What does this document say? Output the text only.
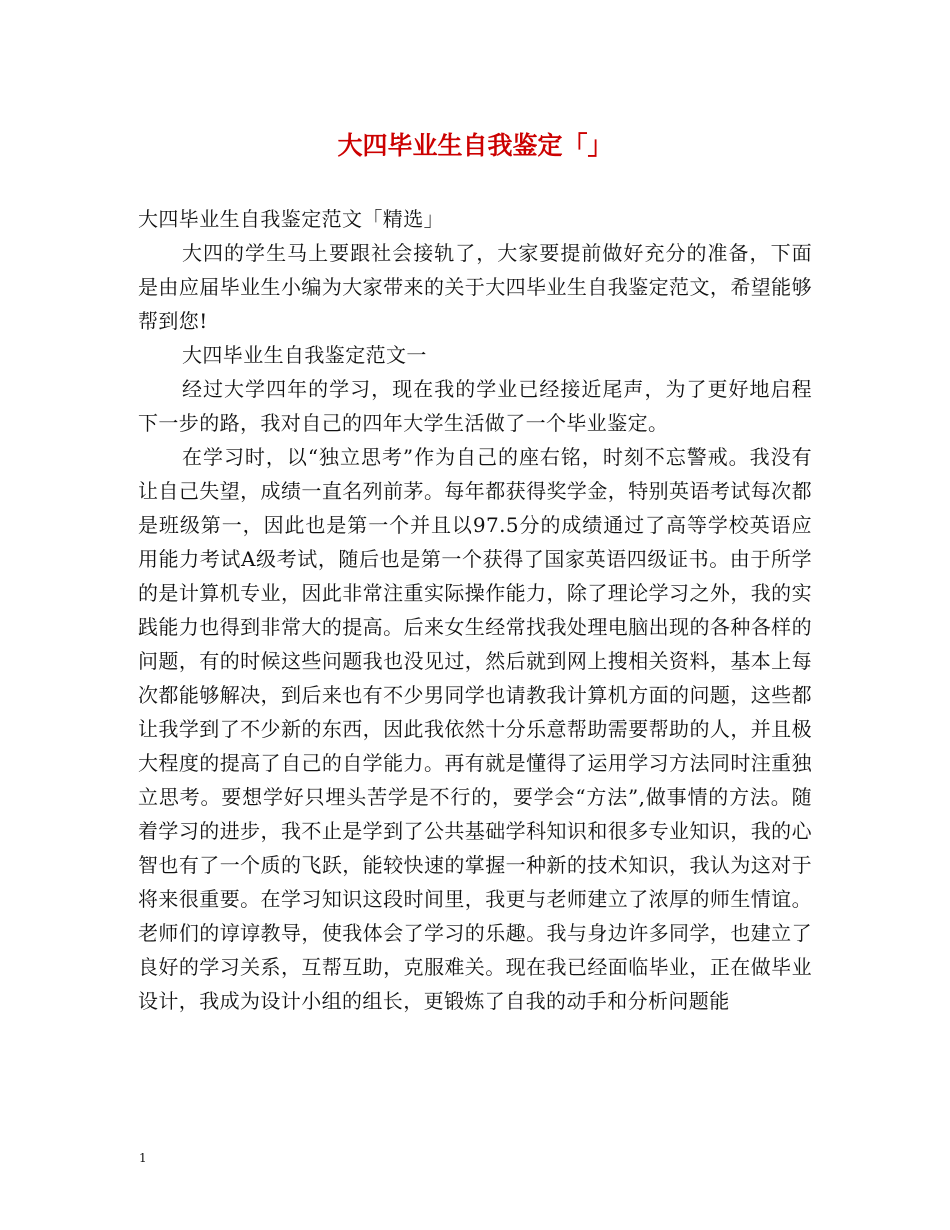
大四毕业生自我鉴定「」

大四毕业生自我鉴定范文「精选」

大四的学生马上要跟社会接轨了，大家要提前做好充分的准备，下面是由应届毕业生小编为大家带来的关于大四毕业生自我鉴定范文，希望能够帮到您!

大四毕业生自我鉴定范文一

经过大学四年的学习，现在我的学业已经接近尾声，为了更好地启程下一步的路，我对自己的四年大学生活做了一个毕业鉴定。

在学习时，以“独立思考”作为自己的座右铭，时刻不忘警戒。我没有让自己失望，成绩一直名列前茅。每年都获得奖学金，特别英语考试每次都是班级第一，因此也是第一个并且以97.5分的成绩通过了高等学校英语应用能力考试A级考试，随后也是第一个获得了国家英语四级证书。由于所学的是计算机专业，因此非常注重实际操作能力，除了理论学习之外，我的实践能力也得到非常大的提高。后来女生经常找我处理电脑出现的各种各样的问题，有的时候这些问题我也没见过，然后就到网上搜相关资料，基本上每次都能够解决，到后来也有不少男同学也请教我计算机方面的问题，这些都让我学到了不少新的东西，因此我依然十分乐意帮助需要帮助的人，并且极大程度的提高了自己的自学能力。再有就是懂得了运用学习方法同时注重独立思考。要想学好只埋头苦学是不行的，要学会“方法”,做事情的方法。随着学习的进步，我不止是学到了公共基础学科知识和很多专业知识，我的心智也有了一个质的飞跃，能较快速的掌握一种新的技术知识，我认为这对于将来很重要。在学习知识这段时间里，我更与老师建立了浓厚的师生情谊。老师们的谆谆教导，使我体会了学习的乐趣。我与身边许多同学，也建立了良好的学习关系，互帮互助，克服难关。现在我已经面临毕业，正在做毕业设计，我成为设计小组的组长，更锻炼了自我的动手和分析问题能

1
